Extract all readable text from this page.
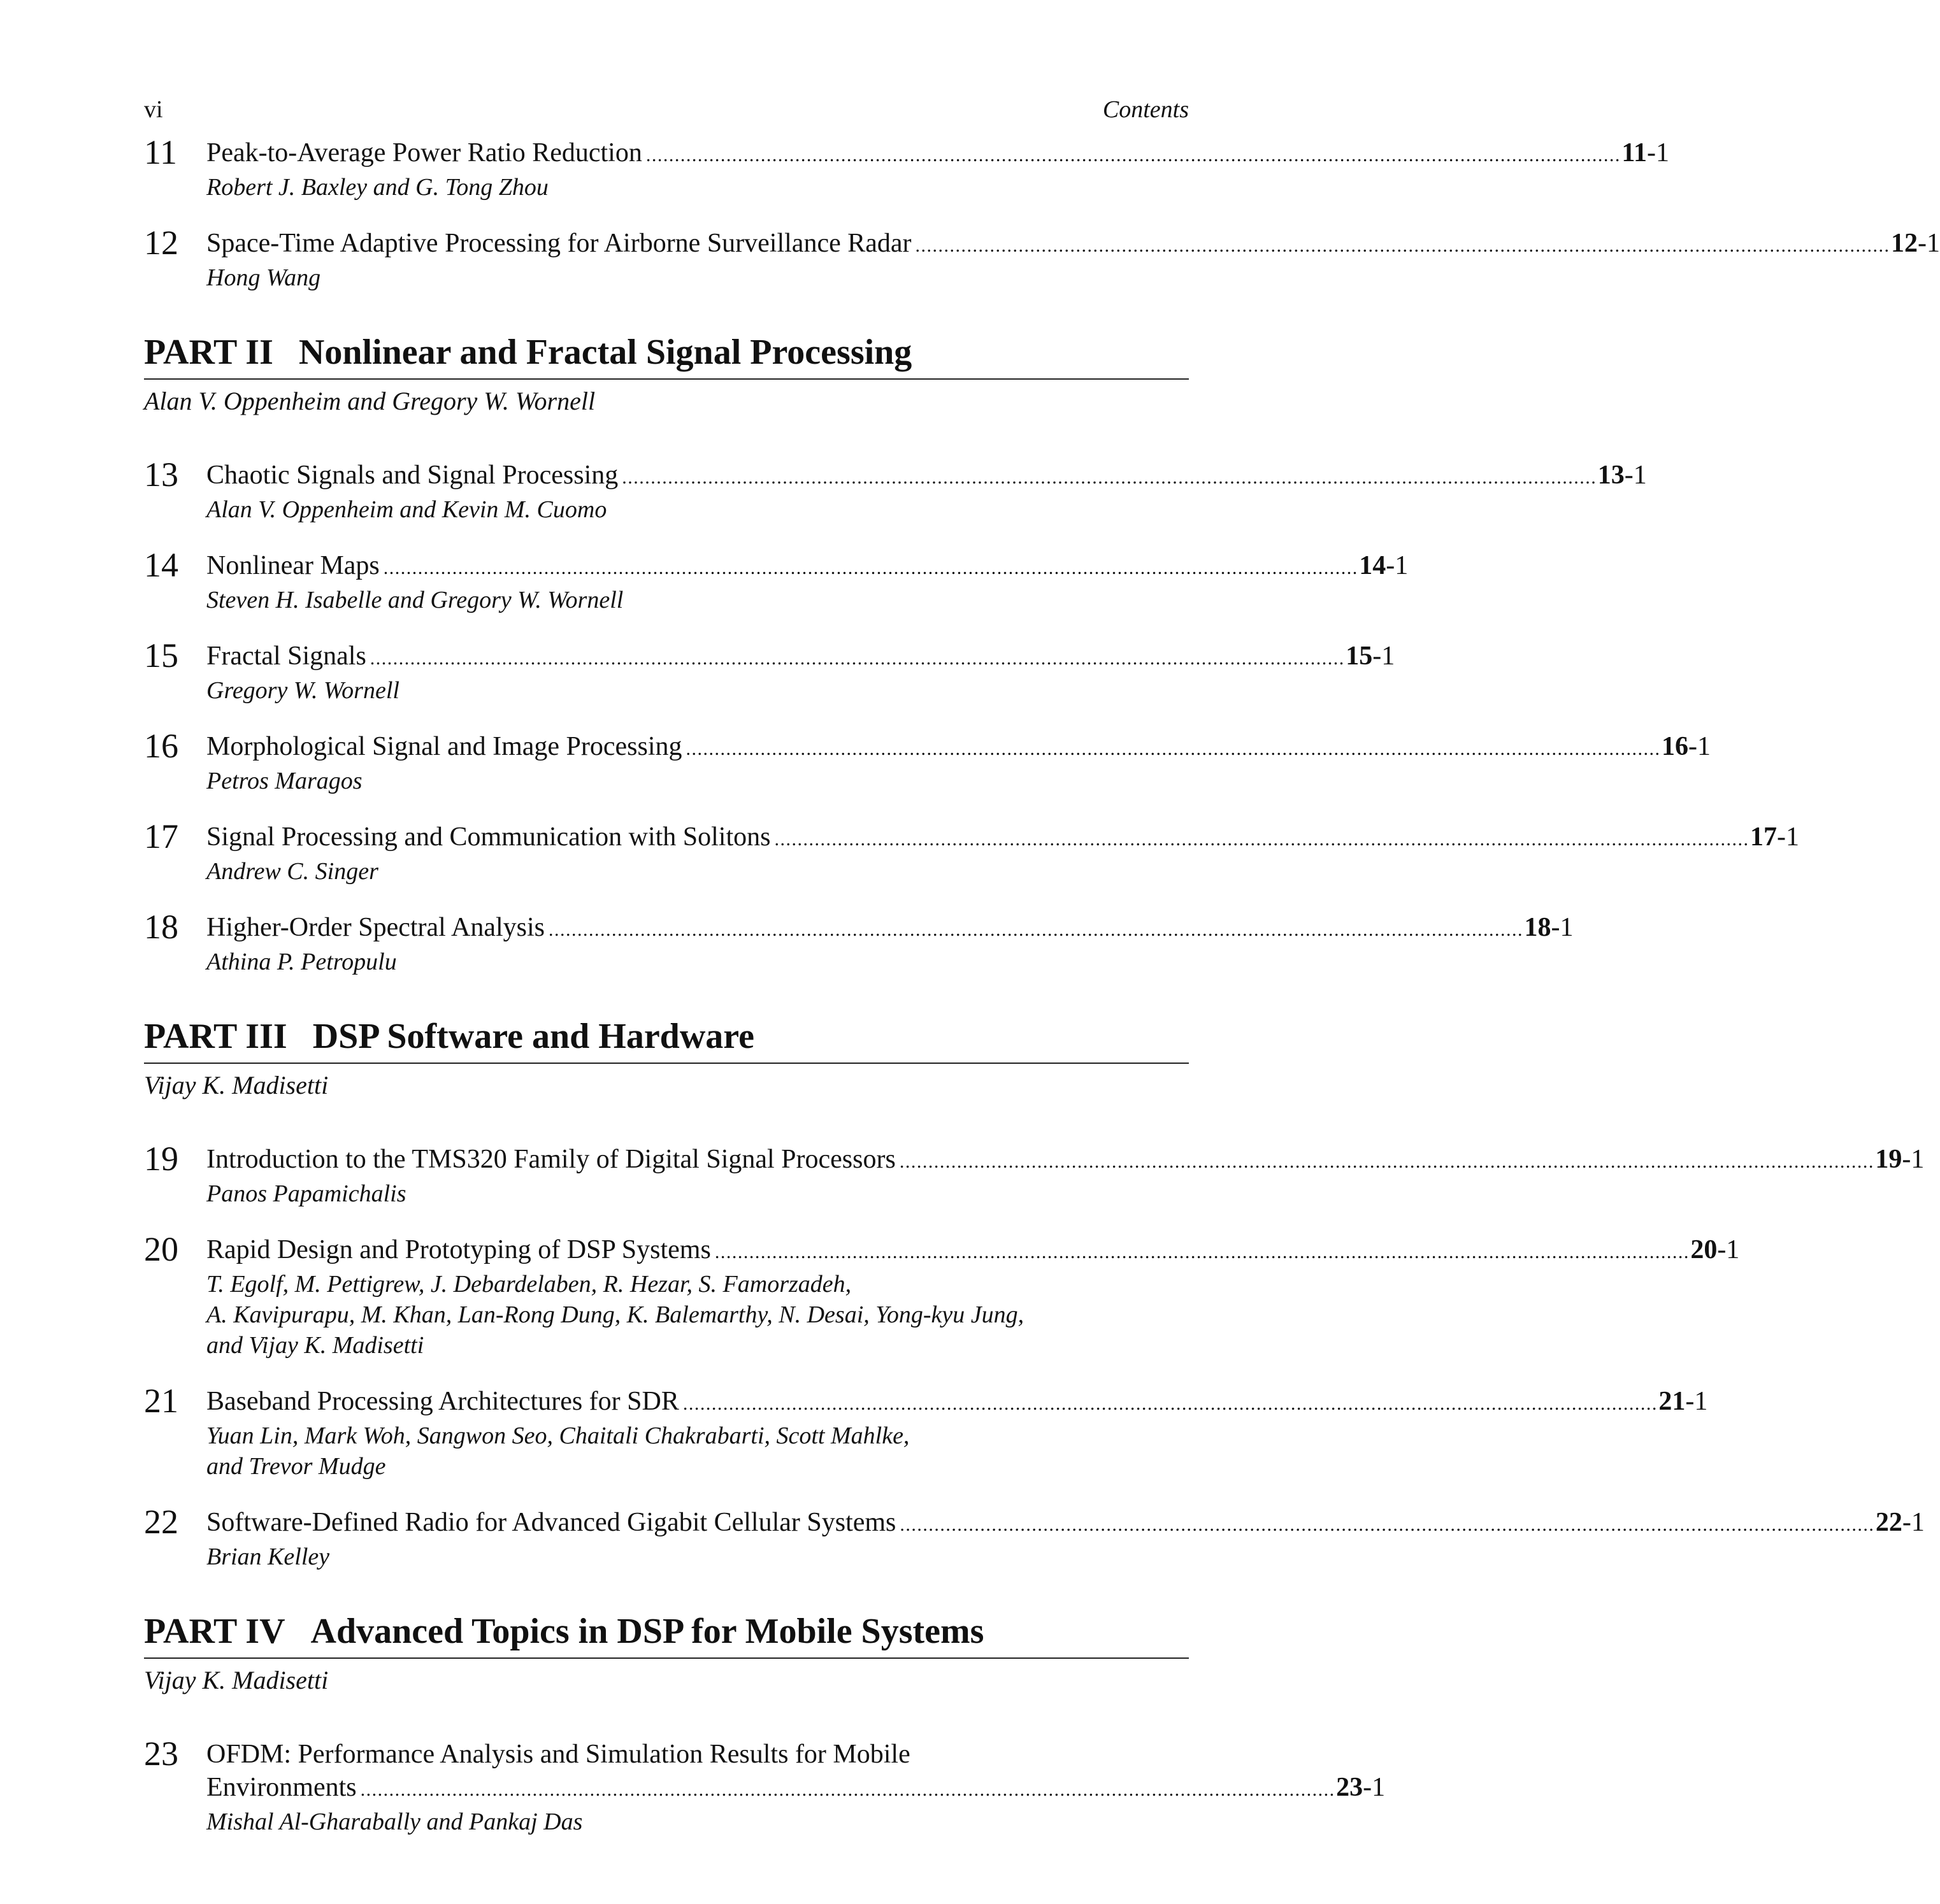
vi	Contents
11	Peak-to-Average Power Ratio Reduction . . .	11-1
Robert J. Baxley and G. Tong Zhou
12	Space-Time Adaptive Processing for Airborne Surveillance Radar . . .	12-1
Hong Wang
PART II Nonlinear and Fractal Signal Processing
Alan V. Oppenheim and Gregory W. Wornell
13	Chaotic Signals and Signal Processing . . .	13-1
Alan V. Oppenheim and Kevin M. Cuomo
14	Nonlinear Maps . . .	14-1
Steven H. Isabelle and Gregory W. Wornell
15	Fractal Signals . . .	15-1
Gregory W. Wornell
16	Morphological Signal and Image Processing . . .	16-1
Petros Maragos
17	Signal Processing and Communication with Solitons . . .	17-1
Andrew C. Singer
18	Higher-Order Spectral Analysis . . .	18-1
Athina P. Petropulu
PART III DSP Software and Hardware
Vijay K. Madisetti
19	Introduction to the TMS320 Family of Digital Signal Processors . . .	19-1
Panos Papamichalis
20	Rapid Design and Prototyping of DSP Systems . . .	20-1
T. Egolf, M. Pettigrew, J. Debardelaben, R. Hezar, S. Famorzadeh,
A. Kavipurapu, M. Khan, Lan-Rong Dung, K. Balemarthy, N. Desai, Yong-kyu Jung,
and Vijay K. Madisetti
21	Baseband Processing Architectures for SDR . . .	21-1
Yuan Lin, Mark Woh, Sangwon Seo, Chaitali Chakrabarti, Scott Mahlke,
and Trevor Mudge
22	Software-Defined Radio for Advanced Gigabit Cellular Systems . . .	22-1
Brian Kelley
PART IV Advanced Topics in DSP for Mobile Systems
Vijay K. Madisetti
23	OFDM: Performance Analysis and Simulation Results for Mobile
Environments . . .	23-1
Mishal Al-Gharabally and Pankaj Das
